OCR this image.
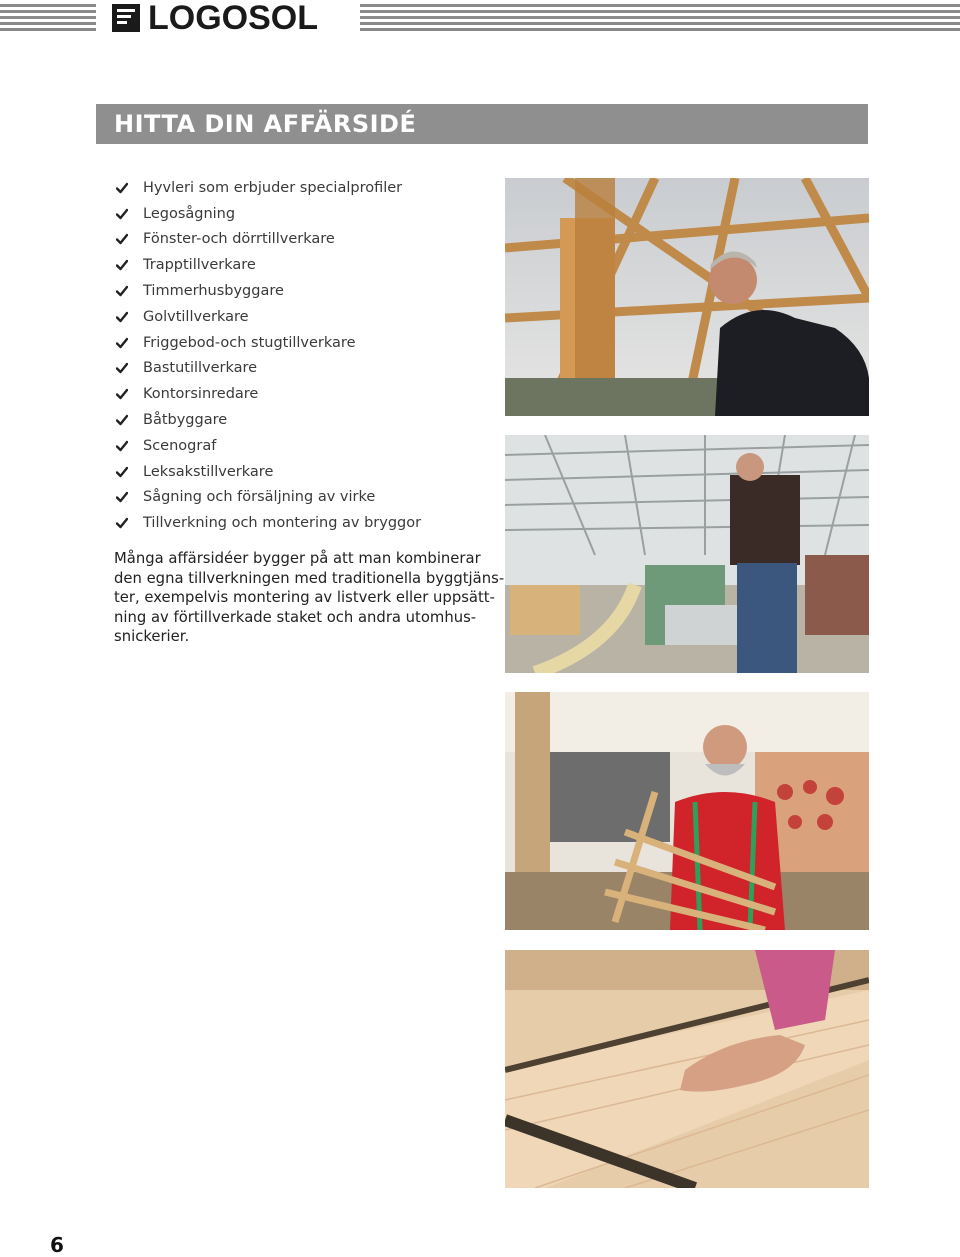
LOGOSOL
HITTA DIN AFFÄRSIDÉ
Hyvleri som erbjuder specialprofiler
Legosågning
Fönster-och dörrtillverkare
Trapptillverkare
Timmerhusbyggare
Golvtillverkare
Friggebod-och stugtillverkare
Bastutillverkare
Kontorsinredare
Båtbyggare
Scenograf
Leksakstillverkare
Sågning och försäljning av virke
Tillverkning och montering av bryggor

Många affärsidéer bygger på att man kombinerar
den egna tillverkningen med traditionella byggtjäns-
ter, exempelvis montering av listverk eller uppsätt-
ning av förtillverkade staket och andra utomhus-
snickerier.

6
